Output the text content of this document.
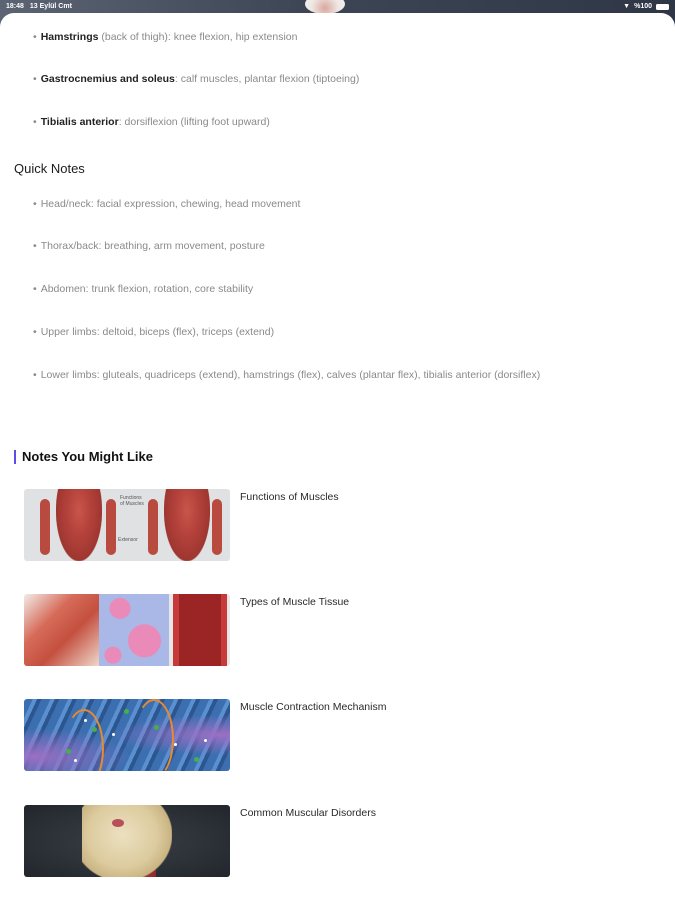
18:48 13 Eylül Cmt	▼ %100
• Hamstrings (back of thigh): knee flexion, hip extension
• Gastrocnemius and soleus: calf muscles, plantar flexion (tiptoeing)
• Tibialis anterior: dorsiflexion (lifting foot upward)
Quick Notes
• Head/neck: facial expression, chewing, head movement
• Thorax/back: breathing, arm movement, posture
• Abdomen: trunk flexion, rotation, core stability
• Upper limbs: deltoid, biceps (flex), triceps (extend)
• Lower limbs: gluteals, quadriceps (extend), hamstrings (flex), calves (plantar flex), tibialis anterior (dorsiflex)
Notes You Might Like
Functions
of Muscles
Extensor
Functions of Muscles
Types of Muscle Tissue
Muscle Contraction Mechanism
Common Muscular Disorders
